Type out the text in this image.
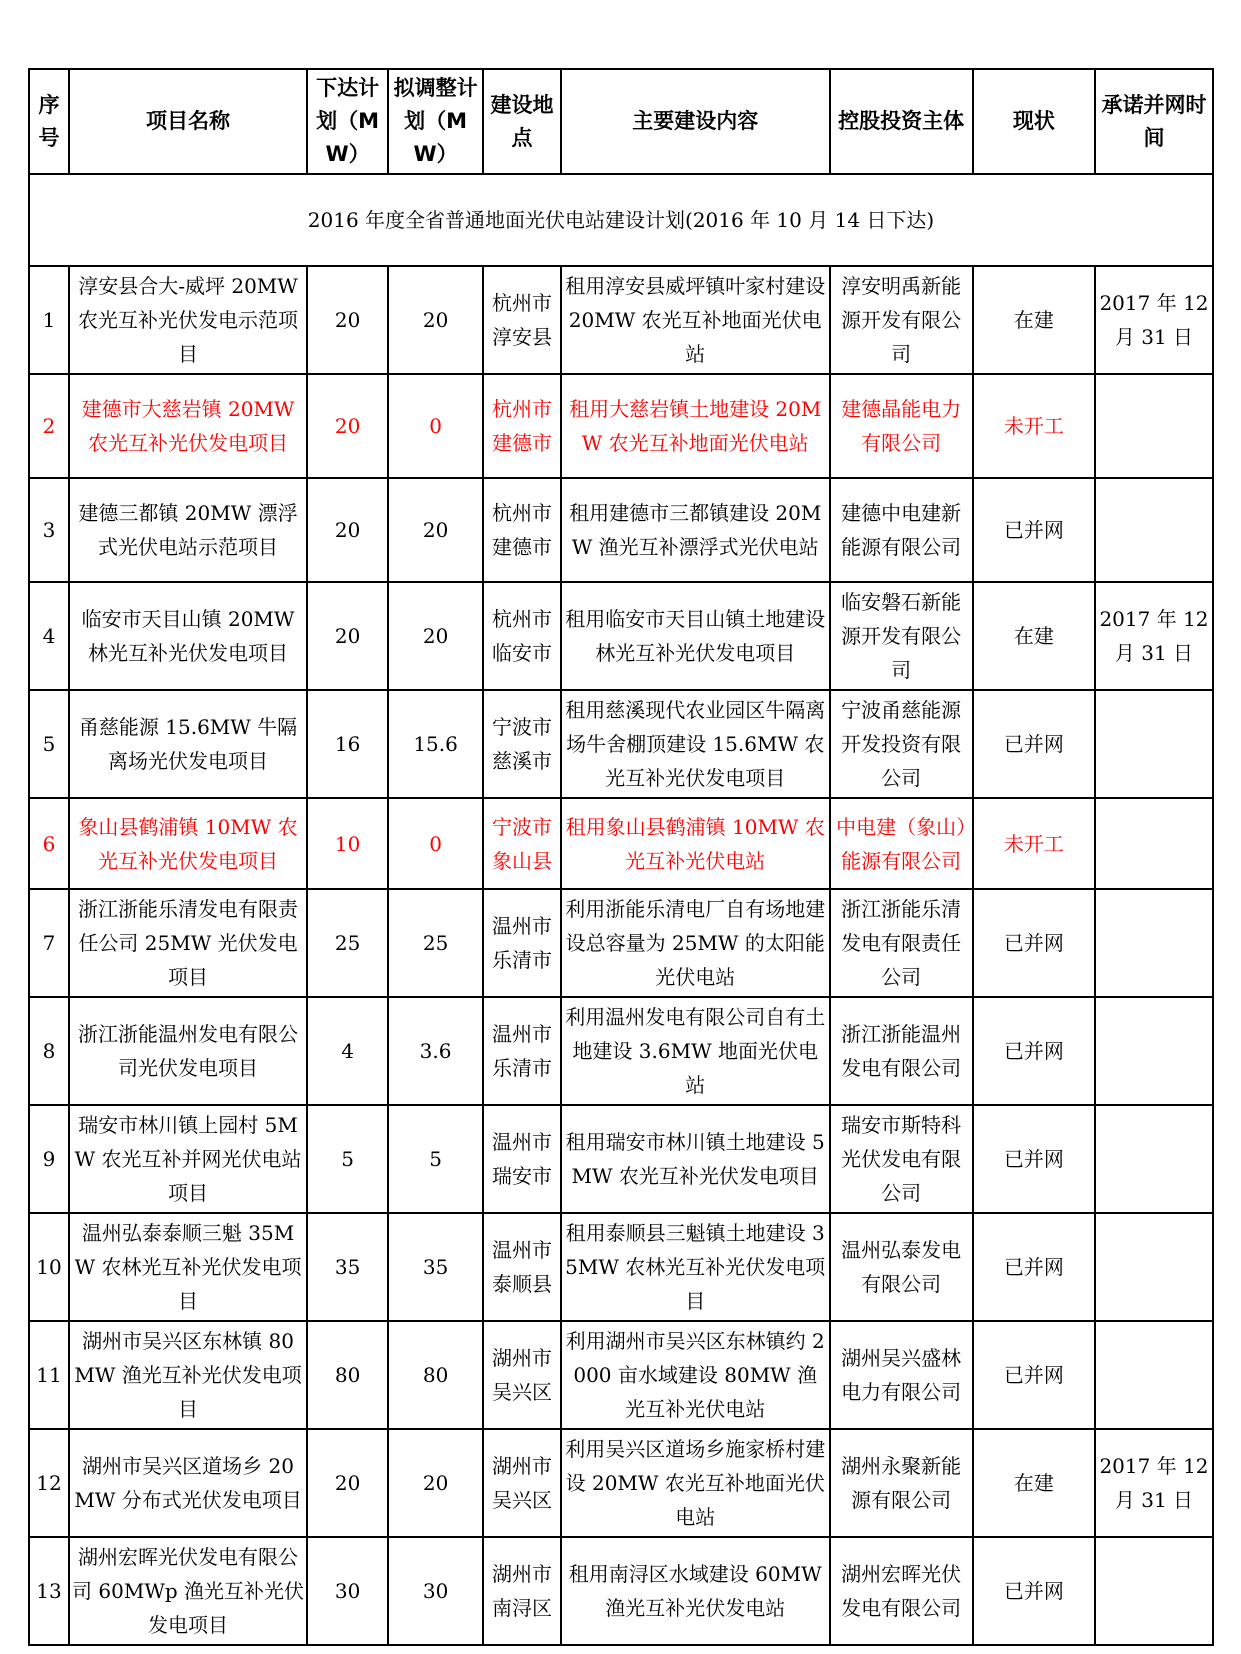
序号	项目名称	下达计划（MW）	拟调整计划（MW）	建设地点	主要建设内容	控股投资主体	现状	承诺并网时间
2016 年度全省普通地面光伏电站建设计划(2016 年 10 月 14 日下达)								
1	淳安县合大-威坪 20MW 农光互补光伏发电示范项目	20	20	杭州市淳安县	租用淳安县威坪镇叶家村建设 20MW 农光互补地面光伏电站	淳安明禹新能源开发有限公司	在建	2017 年 12 月 31 日
2	建德市大慈岩镇 20MW 农光互补光伏发电项目	20	0	杭州市建德市	租用大慈岩镇土地建设 20MW 农光互补地面光伏电站	建德晶能电力有限公司	未开工	
3	建德三都镇 20MW 漂浮式光伏电站示范项目	20	20	杭州市建德市	租用建德市三都镇建设 20MW 渔光互补漂浮式光伏电站	建德中电建新能源有限公司	已并网	
4	临安市天目山镇 20MW 林光互补光伏发电项目	20	20	杭州市临安市	租用临安市天目山镇土地建设林光互补光伏发电项目	临安磐石新能源开发有限公司	在建	2017 年 12 月 31 日
5	甬慈能源 15.6MW 牛隔离场光伏发电项目	16	15.6	宁波市慈溪市	租用慈溪现代农业园区牛隔离场牛舍棚顶建设 15.6MW 农光互补光伏发电项目	宁波甬慈能源开发投资有限公司	已并网	
6	象山县鹤浦镇 10MW 农光互补光伏发电项目	10	0	宁波市象山县	租用象山县鹤浦镇 10MW 农光互补光伏电站	中电建（象山）能源有限公司	未开工	
7	浙江浙能乐清发电有限责任公司 25MW 光伏发电项目	25	25	温州市乐清市	利用浙能乐清电厂自有场地建设总容量为 25MW 的太阳能光伏电站	浙江浙能乐清发电有限责任公司	已并网	
8	浙江浙能温州发电有限公司光伏发电项目	4	3.6	温州市乐清市	利用温州发电有限公司自有土地建设 3.6MW 地面光伏电站	浙江浙能温州发电有限公司	已并网	
9	瑞安市林川镇上园村 5MW 农光互补并网光伏电站项目	5	5	温州市瑞安市	租用瑞安市林川镇土地建设 5MW 农光互补光伏发电项目	瑞安市斯特科光伏发电有限公司	已并网	
10	温州弘泰泰顺三魁 35MW 农林光互补光伏发电项目	35	35	温州市泰顺县	租用泰顺县三魁镇土地建设 35MW 农林光互补光伏发电项目	温州弘泰发电有限公司	已并网	
11	湖州市吴兴区东林镇 80MW 渔光互补光伏发电项目	80	80	湖州市吴兴区	利用湖州市吴兴区东林镇约 2000 亩水域建设 80MW 渔光互补光伏电站	湖州吴兴盛林电力有限公司	已并网	
12	湖州市吴兴区道场乡 20MW 分布式光伏发电项目	20	20	湖州市吴兴区	利用吴兴区道场乡施家桥村建设 20MW 农光互补地面光伏电站	湖州永聚新能源有限公司	在建	2017 年 12 月 31 日
13	湖州宏晖光伏发电有限公司 60MWp 渔光互补光伏发电项目	30	30	湖州市南浔区	租用南浔区水域建设 60MW 渔光互补光伏发电站	湖州宏晖光伏发电有限公司	已并网	
